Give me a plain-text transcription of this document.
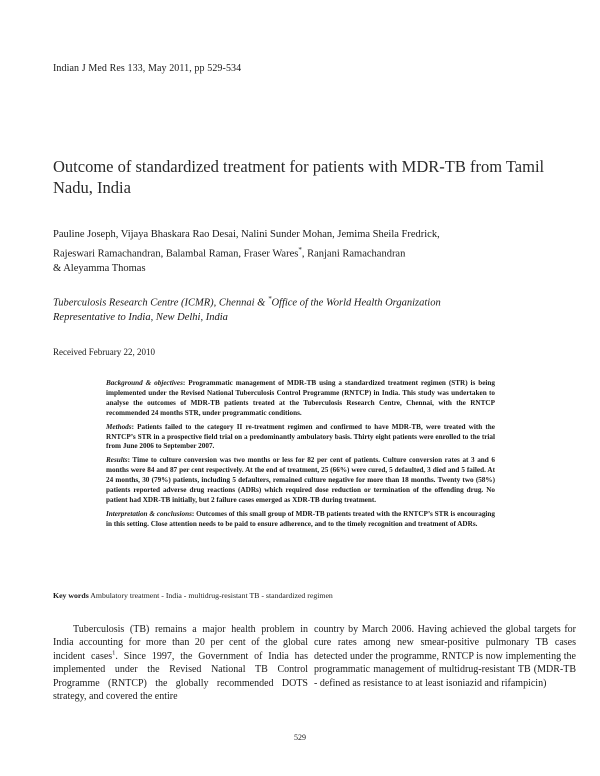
Indian J Med Res 133, May 2011, pp 529-534
Outcome of standardized treatment for patients with MDR-TB from Tamil Nadu, India
Pauline Joseph, Vijaya Bhaskara Rao Desai, Nalini Sunder Mohan, Jemima Sheila Fredrick,
Rajeswari Ramachandran, Balambal Raman, Fraser Wares*, Ranjani Ramachandran
& Aleyamma Thomas
Tuberculosis Research Centre (ICMR), Chennai & *Office of the World Health Organization
Representative to India, New Delhi, India
Received February 22, 2010

Background & objectives: Programmatic management of MDR-TB using a standardized treatment regimen (STR) is being implemented under the Revised National Tuberculosis Control Programme (RNTCP) in India. This study was undertaken to analyse the outcomes of MDR-TB patients treated at the Tuberculosis Research Centre, Chennai, with the RNTCP recommended 24 months STR, under programmatic conditions.

Methods: Patients failed to the category II re-treatment regimen and confirmed to have MDR-TB, were treated with the RNTCP’s STR in a prospective field trial on a predominantly ambulatory basis. Thirty eight patients were enrolled to the trial from June 2006 to September 2007.

Results: Time to culture conversion was two months or less for 82 per cent of patients. Culture conversion rates at 3 and 6 months were 84 and 87 per cent respectively. At the end of treatment, 25 (66%) were cured, 5 defaulted, 3 died and 5 failed. At 24 months, 30 (79%) patients, including 5 defaulters, remained culture negative for more than 18 months. Twenty two (58%) patients reported adverse drug reactions (ADRs) which required dose reduction or termination of the offending drug. No patient had XDR-TB initially, but 2 failure cases emerged as XDR-TB during treatment.

Interpretation & conclusions: Outcomes of this small group of MDR-TB patients treated with the RNTCP’s STR is encouraging in this setting. Close attention needs to be paid to ensure adherence, and to the timely recognition and treatment of ADRs.

Key words Ambulatory treatment - India - multidrug-resistant TB - standardized regimen
Tuberculosis (TB) remains a major health problem in India accounting for more than 20 per cent of the global incident cases$^1$. Since 1997, the Government of India has implemented under the Revised National TB Control Programme (RNTCP) the globally recommended DOTS strategy, and covered the entire
country by March 2006. Having achieved the global targets for cure rates among new smear-positive pulmonary TB cases detected under the programme, RNTCP is now implementing the programmatic management of multidrug-resistant TB (MDR-TB - defined as resistance to at least isoniazid and rifampicin)
529
